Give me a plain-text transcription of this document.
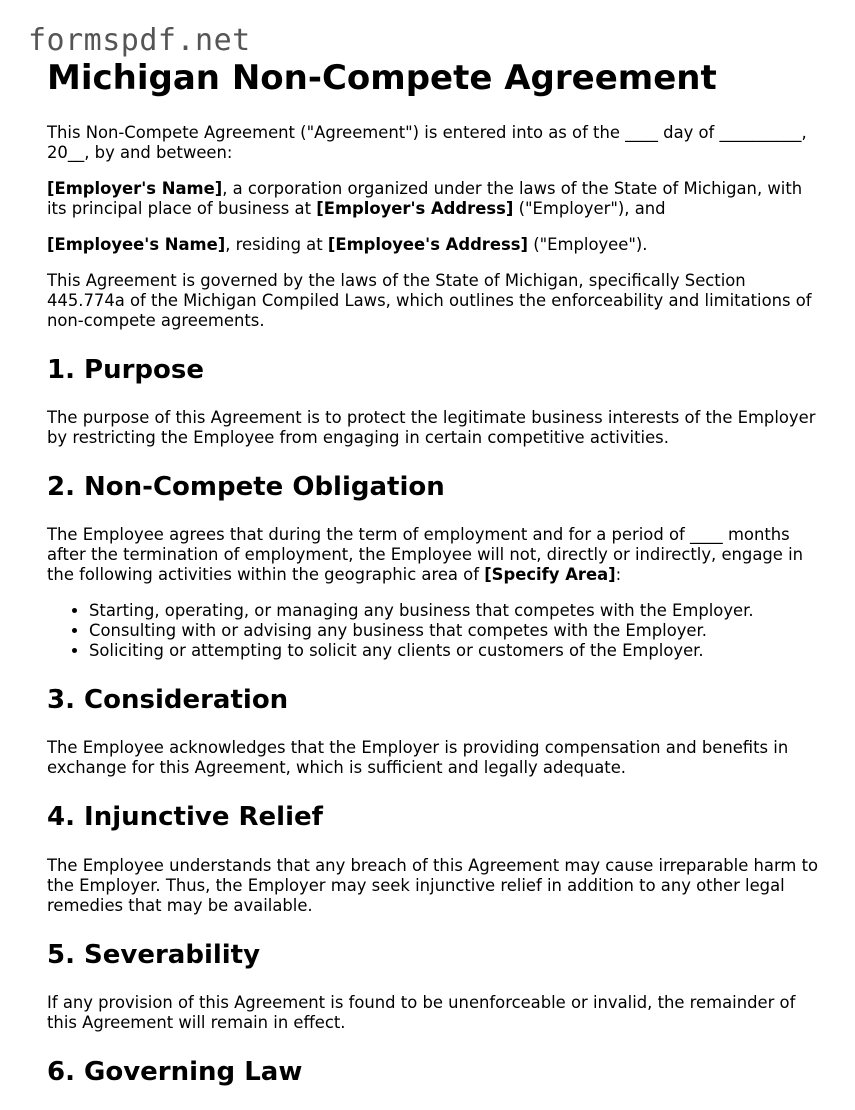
formspdf.net
Michigan Non-Compete Agreement

This Non-Compete Agreement ("Agreement") is entered into as of the ____ day of __________, 20__, by and between:

[Employer's Name], a corporation organized under the laws of the State of Michigan, with its principal place of business at [Employer's Address] ("Employer"), and

[Employee's Name], residing at [Employee's Address] ("Employee").

This Agreement is governed by the laws of the State of Michigan, specifically Section 445.774a of the Michigan Compiled Laws, which outlines the enforceability and limitations of non-compete agreements.

1. Purpose

The purpose of this Agreement is to protect the legitimate business interests of the Employer by restricting the Employee from engaging in certain competitive activities.

2. Non-Compete Obligation

The Employee agrees that during the term of employment and for a period of ____ months after the termination of employment, the Employee will not, directly or indirectly, engage in the following activities within the geographic area of [Specify Area]:

• Starting, operating, or managing any business that competes with the Employer.
• Consulting with or advising any business that competes with the Employer.
• Soliciting or attempting to solicit any clients or customers of the Employer.
3. Consideration

The Employee acknowledges that the Employer is providing compensation and benefits in exchange for this Agreement, which is sufficient and legally adequate.

4. Injunctive Relief

The Employee understands that any breach of this Agreement may cause irreparable harm to the Employer. Thus, the Employer may seek injunctive relief in addition to any other legal remedies that may be available.

5. Severability

If any provision of this Agreement is found to be unenforceable or invalid, the remainder of this Agreement will remain in effect.

6. Governing Law
